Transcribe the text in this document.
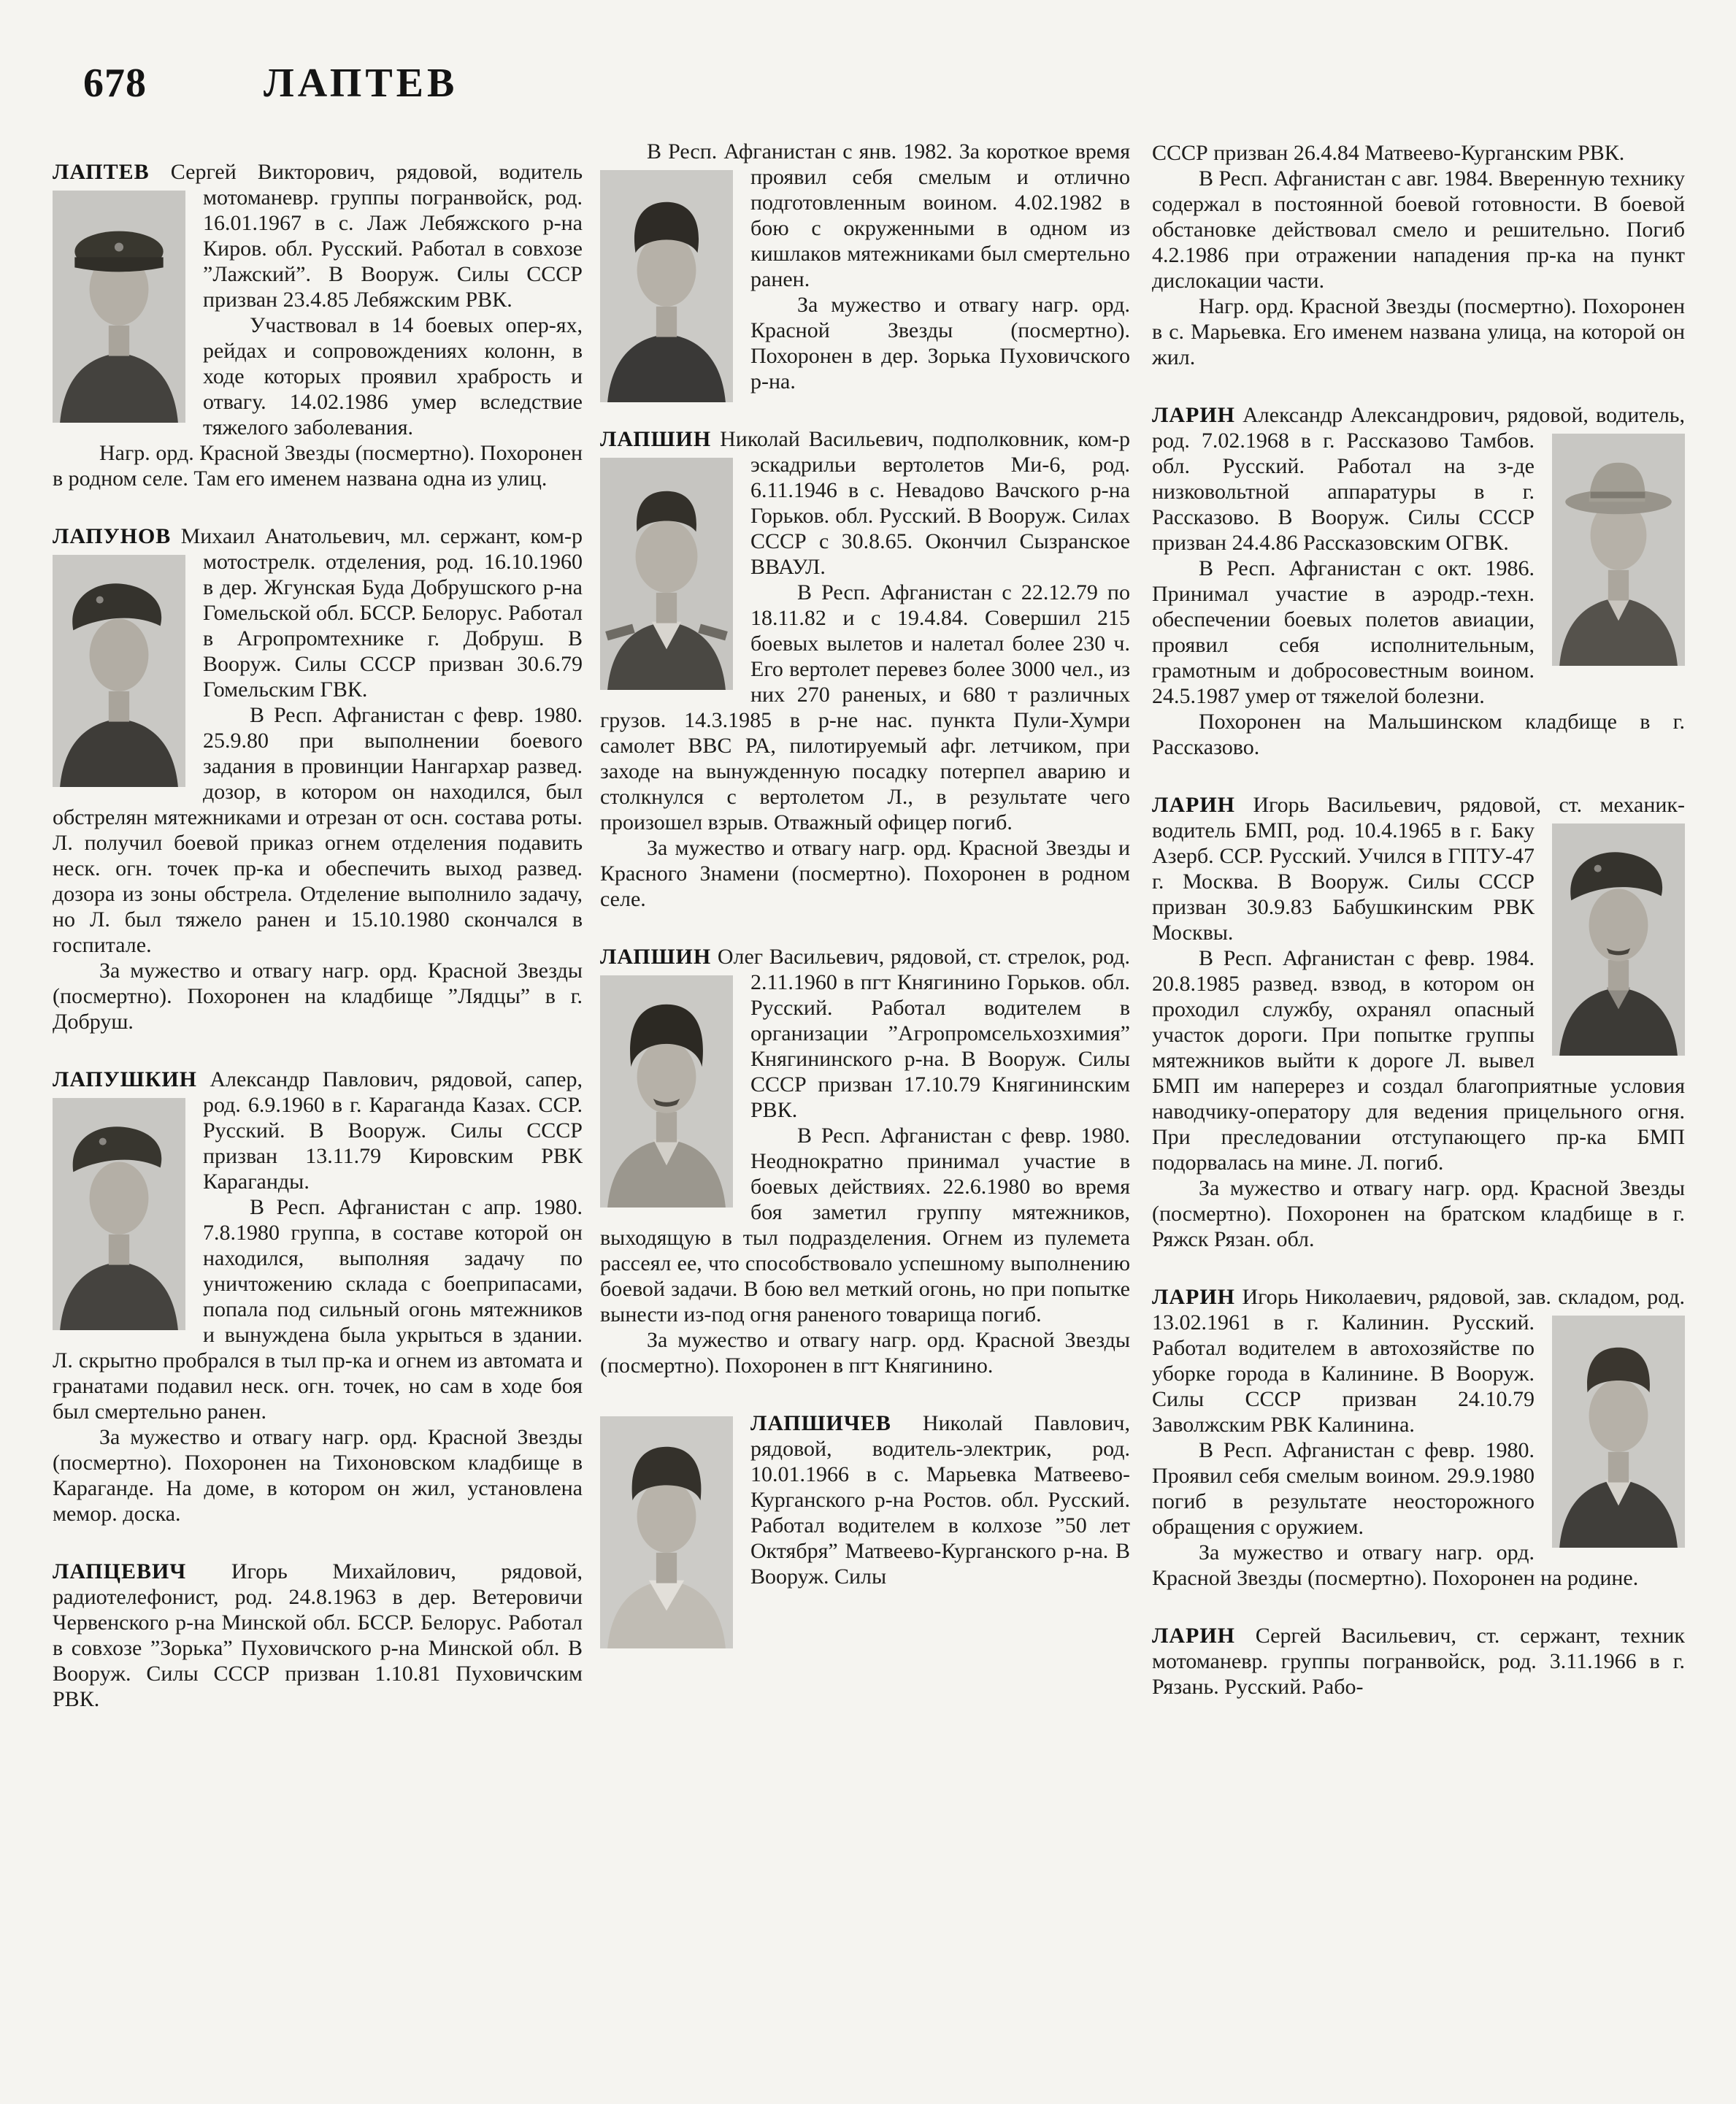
678	ЛАПТЕВ

ЛАПТЕВ Сергей Викторович, рядовой, водитель мотоманевр. группы погранвойск, род.
16.01.1967 в с. Лаж Лебяжского р-на Киров. обл. Русский. Работал в совхозе ”Лажский”. В Вооруж. Силы СССР призван 23.4.85 Лебяжским РВК.

Участвовал в 14 боевых опер-ях, рейдах и сопровождениях колонн, в ходе которых проявил храбрость и отвагу. 14.02.1986 умер вследствие тяжелого заболевания.

Нагр. орд. Красной Звезды (посмертно). Похоронен в родном селе. Там его именем названа одна из улиц.

ЛАПУНОВ Михаил Анатольевич, мл. сержант, ком-р мотострелк. отделения, род.
16.10.1960 в дер. Жгунская Буда Добрушского р-на Гомельской обл. БССР. Белорус. Работал в Агропромтехнике г. Добруш. В Вооруж. Силы СССР призван 30.6.79 Гомельским ГВК.

В Респ. Афганистан с февр. 1980. 25.9.80 при выполнении боевого задания в провинции Нангархар развед. дозор, в котором он находился, был обстрелян мятежниками и отрезан от осн. состава роты. Л. получил боевой приказ огнем отделения подавить неск. огн. точек пр-ка и обеспечить выход развед. дозора из зоны обстрела. Отделение выполнило задачу, но Л. был тяжело ранен и 15.10.1980 скончался в госпитале.

За мужество и отвагу нагр. орд. Красной Звезды (посмертно). Похоронен на кладбище ”Лядцы” в г. Добруш.

ЛАПУШКИН Александр Павлович, рядовой, сапер, род. 6.9.1960 в г. Караганда
Казах. ССР. Русский. В Вооруж. Силы СССР призван 13.11.79 Кировским РВК Караганды.

В Респ. Афганистан с апр. 1980. 7.8.1980 группа, в составе которой он находился, выполняя задачу по уничтожению склада с боеприпасами, попала под сильный огонь мятежников и вынуждена была укрыться в здании. Л. скрытно пробрался в тыл пр-ка и огнем из автомата и гранатами подавил неск. огн. точек, но сам в ходе боя был смертельно ранен.

За мужество и отвагу нагр. орд. Красной Звезды (посмертно). Похоронен на Тихоновском кладбище в Караганде. На доме, в котором он жил, установлена мемор. доска.

ЛАПЦЕВИЧ Игорь Михайлович, рядовой, радиотелефонист, род. 24.8.1963 в дер. Ветеровичи Червенского р-на Минской обл. БССР. Белорус. Работал в совхозе ”Зорька” Пуховичского р-на Минской обл. В Вооруж. Силы СССР призван 1.10.81 Пуховичским РВК.

В Респ. Афганистан с янв. 1982. За короткое время проявил себя смелым и
отлично подготовленным воином. 4.02.1982 в бою с окруженными в одном из кишлаков мятежниками был смертельно ранен.

За мужество и отвагу нагр. орд. Красной Звезды (посмертно). Похоронен в дер. Зорька Пуховичского р-на.

ЛАПШИН Николай Васильевич, подполковник, ком-р эскадрильи вертолетов
Ми-6, род. 6.11.1946 в с. Невадово Вачского р-на Горьков. обл. Русский. В Вооруж. Силах СССР с 30.8.65. Окончил Сызранское ВВАУЛ.

В Респ. Афганистан с 22.12.79 по 18.11.82 и с 19.4.84. Совершил 215 боевых вылетов и налетал более 230 ч. Его вертолет перевез более 3000 чел., из них 270 раненых, и 680 т различных грузов. 14.3.1985 в р-не нас. пункта Пули-Хумри самолет ВВС РА, пилотируемый афг. летчиком, при заходе на вынужденную посадку потерпел аварию и столкнулся с вертолетом Л., в результате чего произошел взрыв. Отважный офицер погиб.

За мужество и отвагу нагр. орд. Красной Звезды и Красного Знамени (посмертно). Похоронен в родном селе.

ЛАПШИН Олег Васильевич, рядовой, ст. стрелок, род. 2.11.1960 в пгт Княгинино
Горьков. обл. Русский. Работал водителем в организации ”Агропромсельхозхимия” Княгининского р-на. В Вооруж. Силы СССР призван 17.10.79 Княгининским РВК.

В Респ. Афганистан с февр. 1980. Неоднократно принимал участие в боевых действиях. 22.6.1980 во время боя заметил группу мятежников, выходящую в тыл подразделения. Огнем из пулемета рассеял ее, что способствовало успешному выполнению боевой задачи. В бою вел меткий огонь, но при попытке вынести из-под огня раненого товарища погиб.

За мужество и отвагу нагр. орд. Красной Звезды (посмертно). Похоронен в пгт Княгинино.

ЛАПШИЧЕВ Николай Павлович, рядовой, водитель-электрик, род. 10.01.1966 в с. Марьевка Матвеево-Курганского р-на Ростов. обл. Русский. Работал водителем в колхозе ”50 лет Октября” Матвеево-Курганского р-на. В Вооруж. Силы

СССР призван 26.4.84 Матвеево-Курганским РВК.

В Респ. Афганистан с авг. 1984. Вверенную технику содержал в постоянной боевой готовности. В боевой обстановке действовал смело и решительно. Погиб 4.2.1986 при отражении нападения пр-ка на пункт дислокации части.

Нагр. орд. Красной Звезды (посмертно). Похоронен в с. Марьевка. Его именем названа улица, на которой он жил.

ЛАРИН Александр Александрович, рядовой, водитель, род. 7.02.1968 в г. Рассказово
Тамбов. обл. Русский. Работал на з-де низковольтной аппаратуры в г. Рассказово. В Вооруж. Силы СССР призван 24.4.86 Рассказовским ОГВК.

В Респ. Афганистан с окт. 1986. Принимал участие в аэродр.-техн. обеспечении боевых полетов авиации, проявил себя исполнительным, грамотным и добросовестным воином. 24.5.1987 умер от тяжелой болезни.

Похоронен на Мальшинском кладбище в г. Рассказово.

ЛАРИН Игорь Васильевич, рядовой, ст. механик-водитель БМП, род. 10.4.1965 в
г. Баку Азерб. ССР. Русский. Учился в ГПТУ-47 г. Москва. В Вооруж. Силы СССР призван 30.9.83 Бабушкинским РВК Москвы.

В Респ. Афганистан с февр. 1984. 20.8.1985 развед. взвод, в котором он проходил службу, охранял опасный участок дороги. При попытке группы мятежников выйти к дороге Л. вывел БМП им наперерез и создал благоприятные условия наводчику-оператору для ведения прицельного огня. При преследовании отступающего пр-ка БМП подорвалась на мине. Л. погиб.

За мужество и отвагу нагр. орд. Красной Звезды (посмертно). Похоронен на братском кладбище в г. Ряжск Рязан. обл.

ЛАРИН Игорь Николаевич, рядовой, зав. складом, род. 13.02.1961 в г. Калинин.
Русский. Работал водителем в автохозяйстве по уборке города в Калинине. В Вооруж. Силы СССР призван 24.10.79 Заволжским РВК Калинина.

В Респ. Афганистан с февр. 1980. Проявил себя смелым воином. 29.9.1980 погиб в результате неосторожного обращения с оружием.

За мужество и отвагу нагр. орд. Красной Звезды (посмертно). Похоронен на родине.

ЛАРИН Сергей Васильевич, ст. сержант, техник мотоманевр. группы погранвойск, род. 3.11.1966 в г. Рязань. Русский. Рабо-
